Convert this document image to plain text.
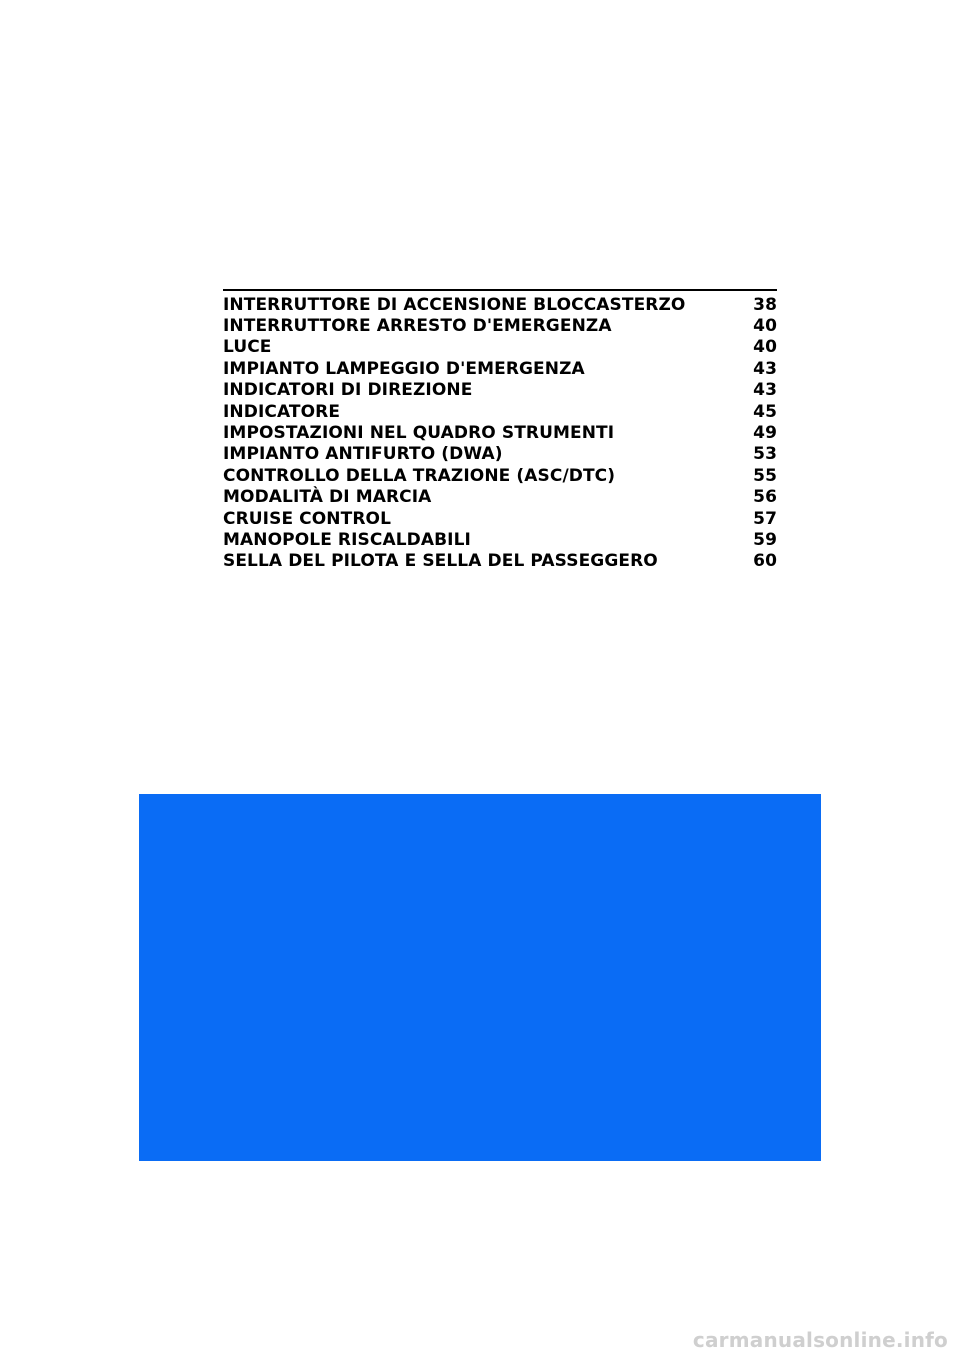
INTERRUTTORE DI ACCENSIONE BLOCCASTERZO	38
INTERRUTTORE ARRESTO D'EMERGENZA	40
LUCE	40
IMPIANTO LAMPEGGIO D'EMERGENZA	43
INDICATORI DI DIREZIONE	43
INDICATORE	45
IMPOSTAZIONI NEL QUADRO STRUMENTI	49
IMPIANTO ANTIFURTO (DWA)	53
CONTROLLO DELLA TRAZIONE (ASC/DTC)	55
MODALITÀ DI MARCIA	56
CRUISE CONTROL	57
MANOPOLE RISCALDABILI	59
SELLA DEL PILOTA E SELLA DEL PASSEGGERO	60
carmanualsonline.info
